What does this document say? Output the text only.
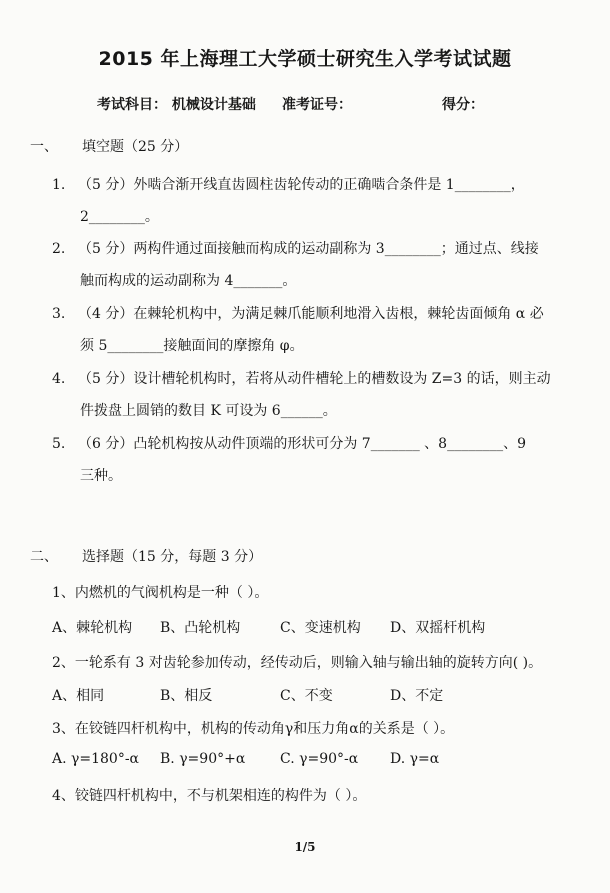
2015 年上海理工大学硕士研究生入学考试试题
考试科目： 机械设计基础 准考证号：	得分：
一、 填空题（25 分）
1. （5 分）外啮合渐开线直齿圆柱齿轮传动的正确啮合条件是 1________，
2________。
2. （5 分）两构件通过面接触而构成的运动副称为 3________；通过点、线接
触而构成的运动副称为 4_______。
3. （4 分）在棘轮机构中，为满足棘爪能顺利地滑入齿根，棘轮齿面倾角 α 必
须 5________接触面间的摩擦角 φ。
4. （5 分）设计槽轮机构时，若将从动件槽轮上的槽数设为 Z=3 的话，则主动
件拨盘上圆销的数目 K 可设为 6______。
5. （6 分）凸轮机构按从动件顶端的形状可分为 7_______ 、8________、9
三种。
二、 选择题（15 分，每题 3 分）
1、内燃机的气阀机构是一种（ ）。
A、棘轮机构 B、凸轮机构	C、变速机构 D、双摇杆机构
2、一轮系有 3 对齿轮参加传动，经传动后，则输入轴与输出轴的旋转方向( )。
A、相同	B、相反	C、不变	D、不定
3、在铰链四杆机构中，机构的传动角γ和压力角α的关系是（ ）。
A. γ=180°-α B. γ=90°+α C. γ=90°-α D. γ=α
4、铰链四杆机构中，不与机架相连的构件为（ ）。
1/5
